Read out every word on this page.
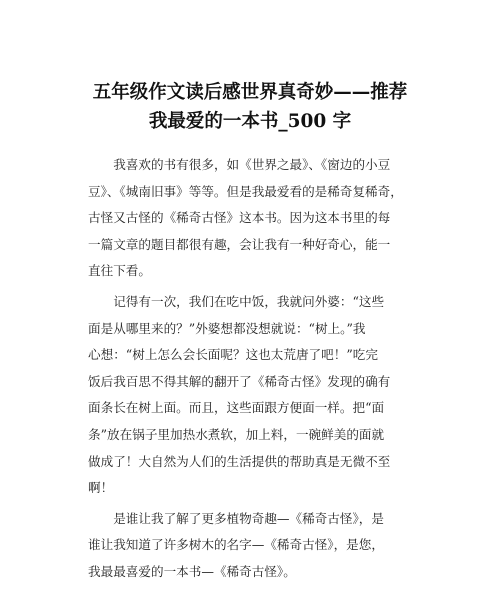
五年级作文读后感世界真奇妙——推荐
我最爱的一本书_500 字

我喜欢的书有很多，如《世界之最》、《窗边的小豆
豆》、《城南旧事》等等。但是我最爱看的是稀奇复稀奇，
古怪又古怪的《稀奇古怪》这本书。因为这本书里的每
一篇文章的题目都很有趣，会让我有一种好奇心，能一
直往下看。

记得有一次，我们在吃中饭，我就问外婆：“这些
面是从哪里来的？”外婆想都没想就说：“树上。”我
心想：“树上怎么会长面呢？这也太荒唐了吧！”吃完
饭后我百思不得其解的翻开了《稀奇古怪》发现的确有
面条长在树上面。而且，这些面跟方便面一样。把“面
条”放在锅子里加热水煮软，加上料，一碗鲜美的面就
做成了！大自然为人们的生活提供的帮助真是无微不至
啊！

是谁让我了解了更多植物奇趣—《稀奇古怪》，是
谁让我知道了许多树木的名字—《稀奇古怪》，是您，
我最最喜爱的一本书—《稀奇古怪》。
